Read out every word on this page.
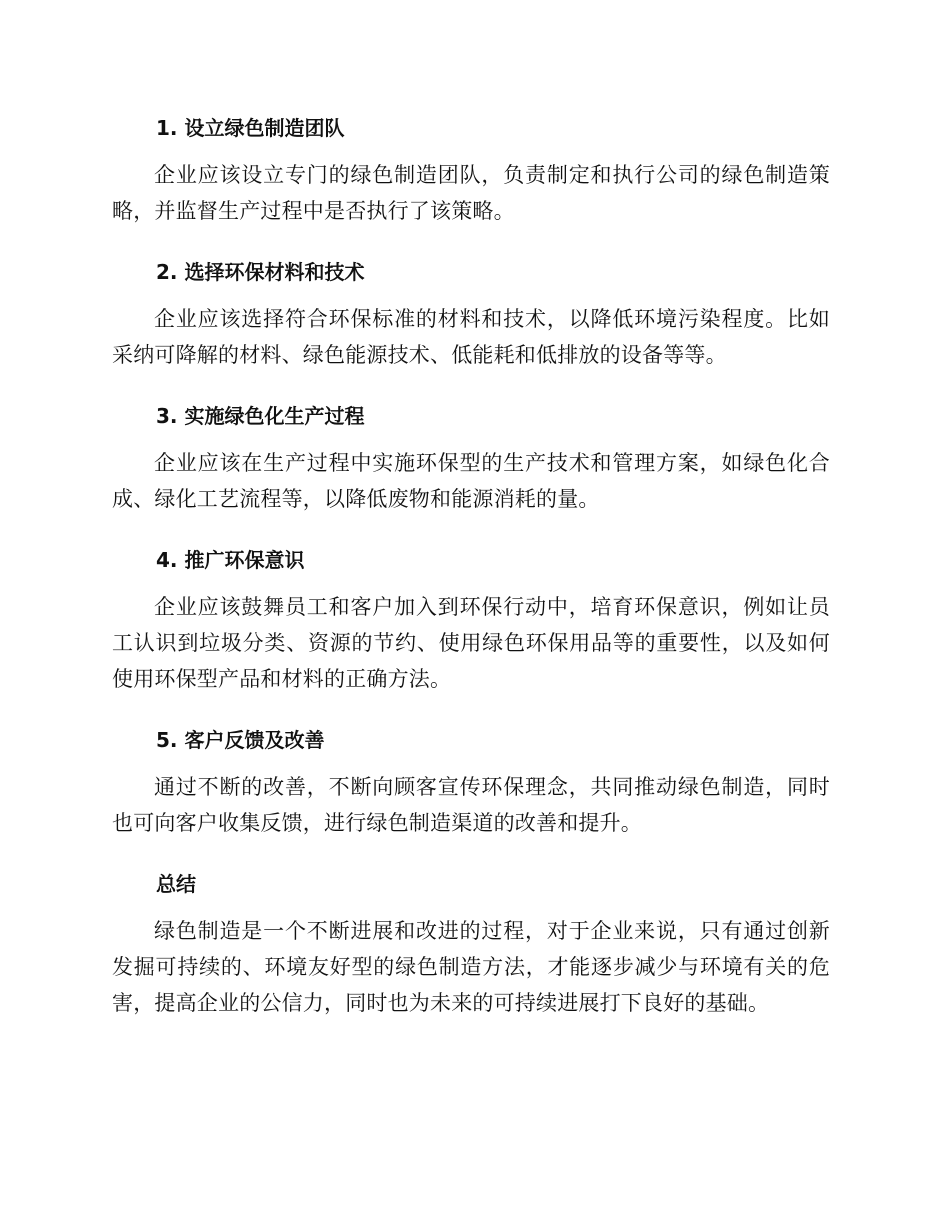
1. 设立绿色制造团队

企业应该设立专门的绿色制造团队，负责制定和执行公司的绿色制造策略，并监督生产过程中是否执行了该策略。

2. 选择环保材料和技术

企业应该选择符合环保标准的材料和技术，以降低环境污染程度。比如采纳可降解的材料、绿色能源技术、低能耗和低排放的设备等等。

3. 实施绿色化生产过程

企业应该在生产过程中实施环保型的生产技术和管理方案，如绿色化合成、绿化工艺流程等，以降低废物和能源消耗的量。

4. 推广环保意识

企业应该鼓舞员工和客户加入到环保行动中，培育环保意识，例如让员工认识到垃圾分类、资源的节约、使用绿色环保用品等的重要性，以及如何使用环保型产品和材料的正确方法。

5. 客户反馈及改善

通过不断的改善，不断向顾客宣传环保理念，共同推动绿色制造，同时也可向客户收集反馈，进行绿色制造渠道的改善和提升。

总结

绿色制造是一个不断进展和改进的过程，对于企业来说，只有通过创新发掘可持续的、环境友好型的绿色制造方法，才能逐步减少与环境有关的危害，提高企业的公信力，同时也为未来的可持续进展打下良好的基础。
